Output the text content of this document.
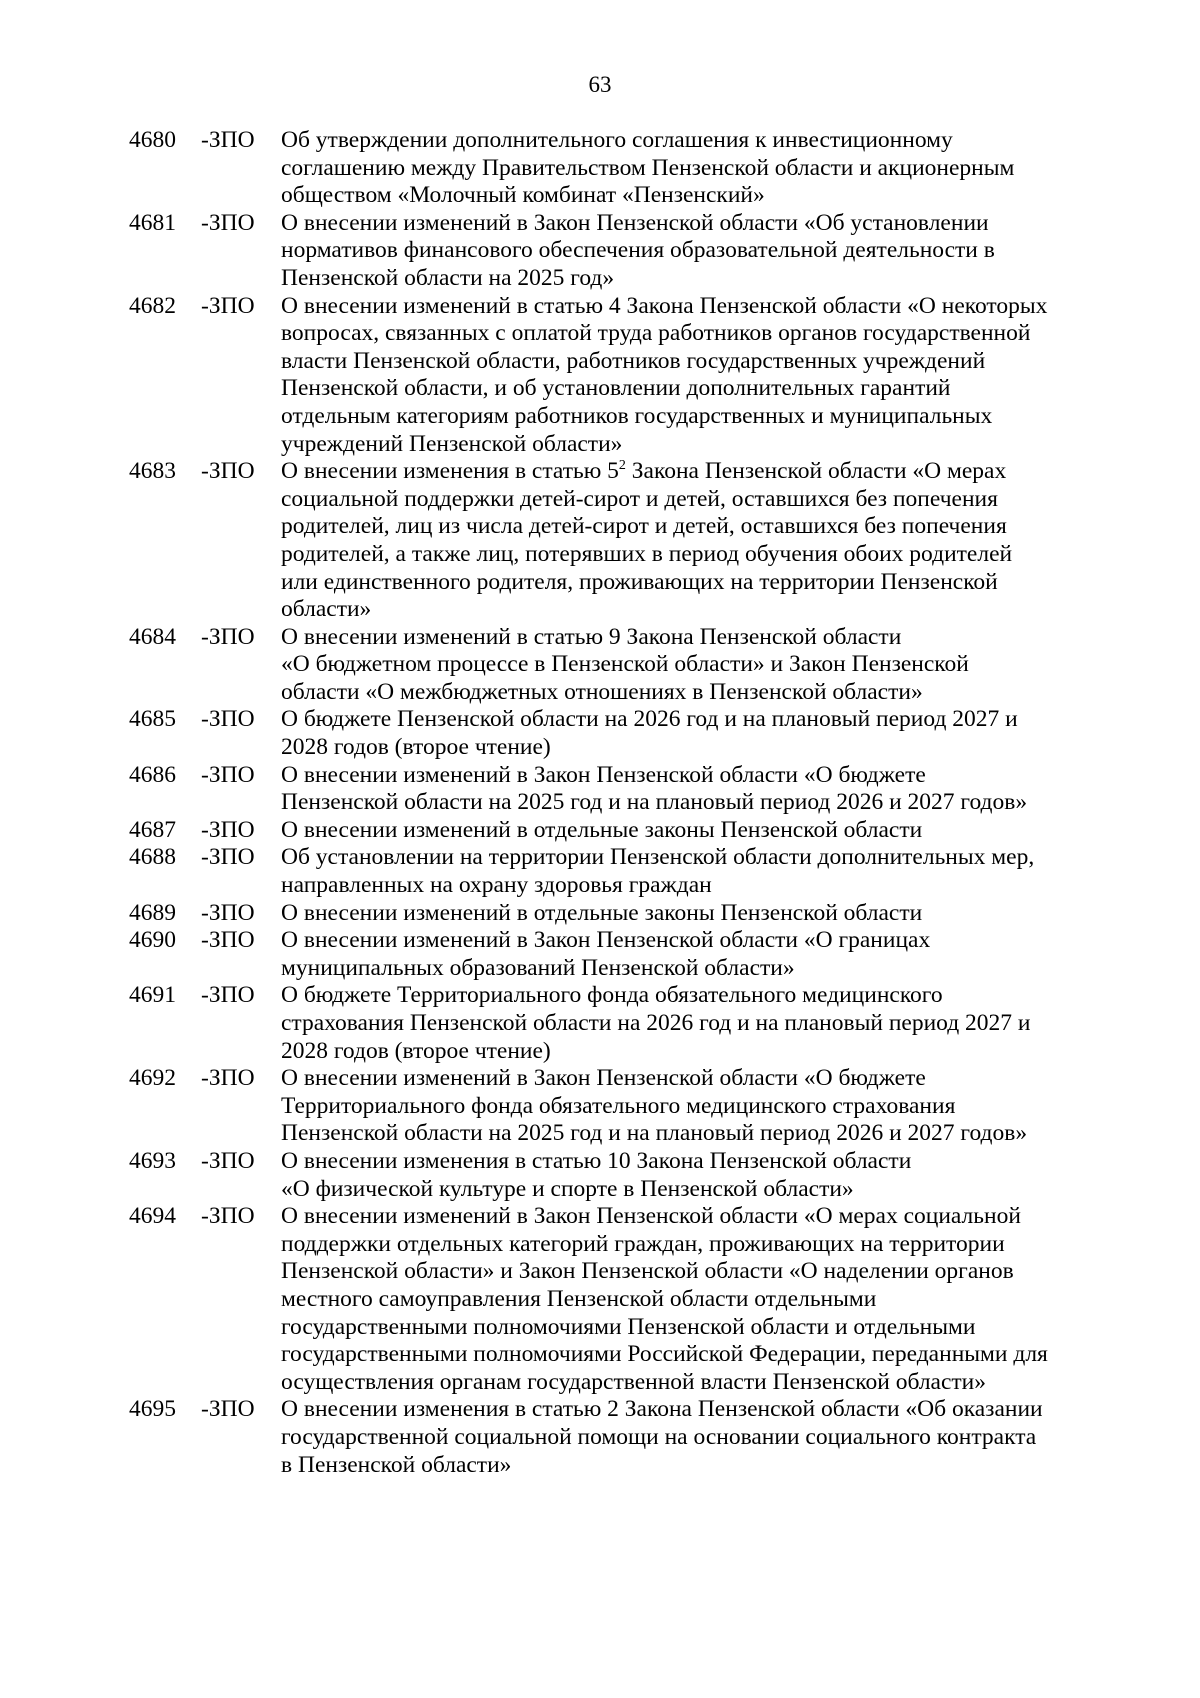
63
4680	-ЗПО	Об утверждении дополнительного соглашения к инвестиционному
соглашению между Правительством Пензенской области и акционерным
обществом «Молочный комбинат «Пензенский»
4681	-ЗПО	О внесении изменений в Закон Пензенской области «Об установлении
нормативов финансового обеспечения образовательной деятельности в
Пензенской области на 2025 год»
4682	-ЗПО	О внесении изменений в статью 4 Закона Пензенской области «О некоторых
вопросах, связанных с оплатой труда работников органов государственной
власти Пензенской области, работников государственных учреждений
Пензенской области, и об установлении дополнительных гарантий
отдельным категориям работников государственных и муниципальных
учреждений Пензенской области»
4683	-ЗПО	О внесении изменения в статью $5^2$ Закона Пензенской области «О мерах
социальной поддержки детей-сирот и детей, оставшихся без попечения
родителей, лиц из числа детей-сирот и детей, оставшихся без попечения
родителей, а также лиц, потерявших в период обучения обоих родителей
или единственного родителя, проживающих на территории Пензенской
области»
4684	-ЗПО	О внесении изменений в статью 9 Закона Пензенской области
«О бюджетном процессе в Пензенской области» и Закон Пензенской
области «О межбюджетных отношениях в Пензенской области»
4685	-ЗПО	О бюджете Пензенской области на 2026 год и на плановый период 2027 и
2028 годов (второе чтение)
4686	-ЗПО	О внесении изменений в Закон Пензенской области «О бюджете
Пензенской области на 2025 год и на плановый период 2026 и 2027 годов»
4687	-ЗПО	О внесении изменений в отдельные законы Пензенской области
4688	-ЗПО	Об установлении на территории Пензенской области дополнительных мер,
направленных на охрану здоровья граждан
4689	-ЗПО	О внесении изменений в отдельные законы Пензенской области
4690	-ЗПО	О внесении изменений в Закон Пензенской области «О границах
муниципальных образований Пензенской области»
4691	-ЗПО	О бюджете Территориального фонда обязательного медицинского
страхования Пензенской области на 2026 год и на плановый период 2027 и
2028 годов (второе чтение)
4692	-ЗПО	О внесении изменений в Закон Пензенской области «О бюджете
Территориального фонда обязательного медицинского страхования
Пензенской области на 2025 год и на плановый период 2026 и 2027 годов»
4693	-ЗПО	О внесении изменения в статью 10 Закона Пензенской области
«О физической культуре и спорте в Пензенской области»
4694	-ЗПО	О внесении изменений в Закон Пензенской области «О мерах социальной
поддержки отдельных категорий граждан, проживающих на территории
Пензенской области» и Закон Пензенской области «О наделении органов
местного самоуправления Пензенской области отдельными
государственными полномочиями Пензенской области и отдельными
государственными полномочиями Российской Федерации, переданными для
осуществления органам государственной власти Пензенской области»
4695	-ЗПО	О внесении изменения в статью 2 Закона Пензенской области «Об оказании
государственной социальной помощи на основании социального контракта
в Пензенской области»
